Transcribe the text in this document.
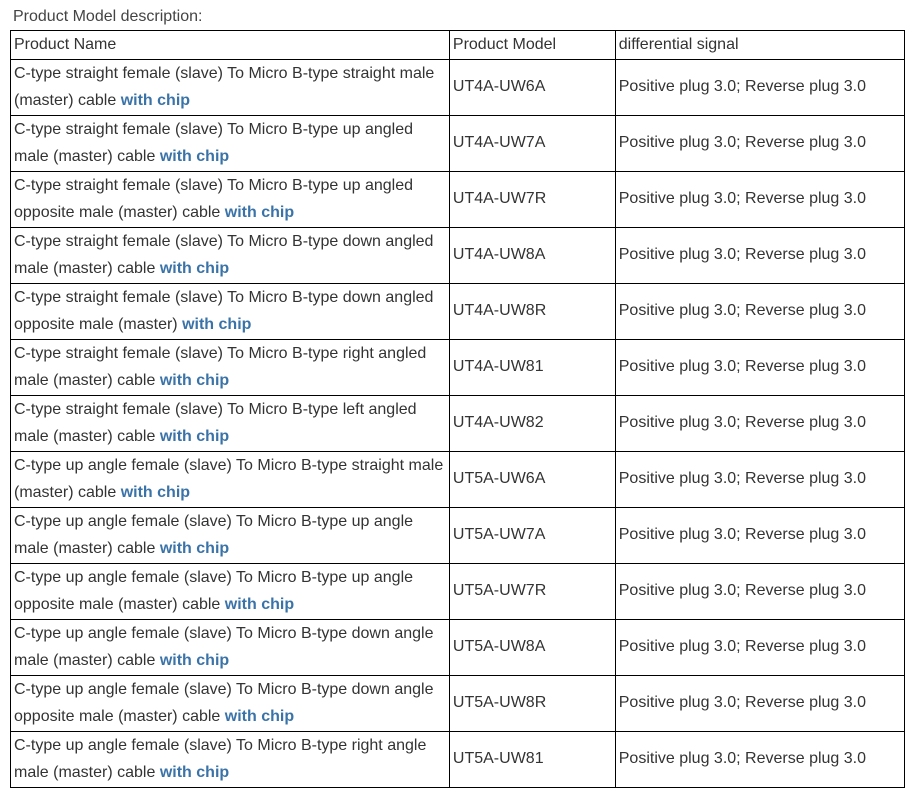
Product Model description:
Product Name	Product Model	differential signal
C-type straight female (slave) To Micro B-type straight male (master) cable with chip	UT4A-UW6A	Positive plug 3.0; Reverse plug 3.0
C-type straight female (slave) To Micro B-type up angled male (master) cable with chip	UT4A-UW7A	Positive plug 3.0; Reverse plug 3.0
C-type straight female (slave) To Micro B-type up angled opposite male (master) cable with chip	UT4A-UW7R	Positive plug 3.0; Reverse plug 3.0
C-type straight female (slave) To Micro B-type down angled male (master) cable with chip	UT4A-UW8A	Positive plug 3.0; Reverse plug 3.0
C-type straight female (slave) To Micro B-type down angled opposite male (master) with chip	UT4A-UW8R	Positive plug 3.0; Reverse plug 3.0
C-type straight female (slave) To Micro B-type right angled male (master) cable with chip	UT4A-UW81	Positive plug 3.0; Reverse plug 3.0
C-type straight female (slave) To Micro B-type left angled male (master) cable with chip	UT4A-UW82	Positive plug 3.0; Reverse plug 3.0
C-type up angle female (slave) To Micro B-type straight male (master) cable with chip	UT5A-UW6A	Positive plug 3.0; Reverse plug 3.0
C-type up angle female (slave) To Micro B-type up angle male (master) cable with chip	UT5A-UW7A	Positive plug 3.0; Reverse plug 3.0
C-type up angle female (slave) To Micro B-type up angle opposite male (master) cable with chip	UT5A-UW7R	Positive plug 3.0; Reverse plug 3.0
C-type up angle female (slave) To Micro B-type down angle male (master) cable with chip	UT5A-UW8A	Positive plug 3.0; Reverse plug 3.0
C-type up angle female (slave) To Micro B-type down angle opposite male (master) cable with chip	UT5A-UW8R	Positive plug 3.0; Reverse plug 3.0
C-type up angle female (slave) To Micro B-type right angle male (master) cable with chip	UT5A-UW81	Positive plug 3.0; Reverse plug 3.0
